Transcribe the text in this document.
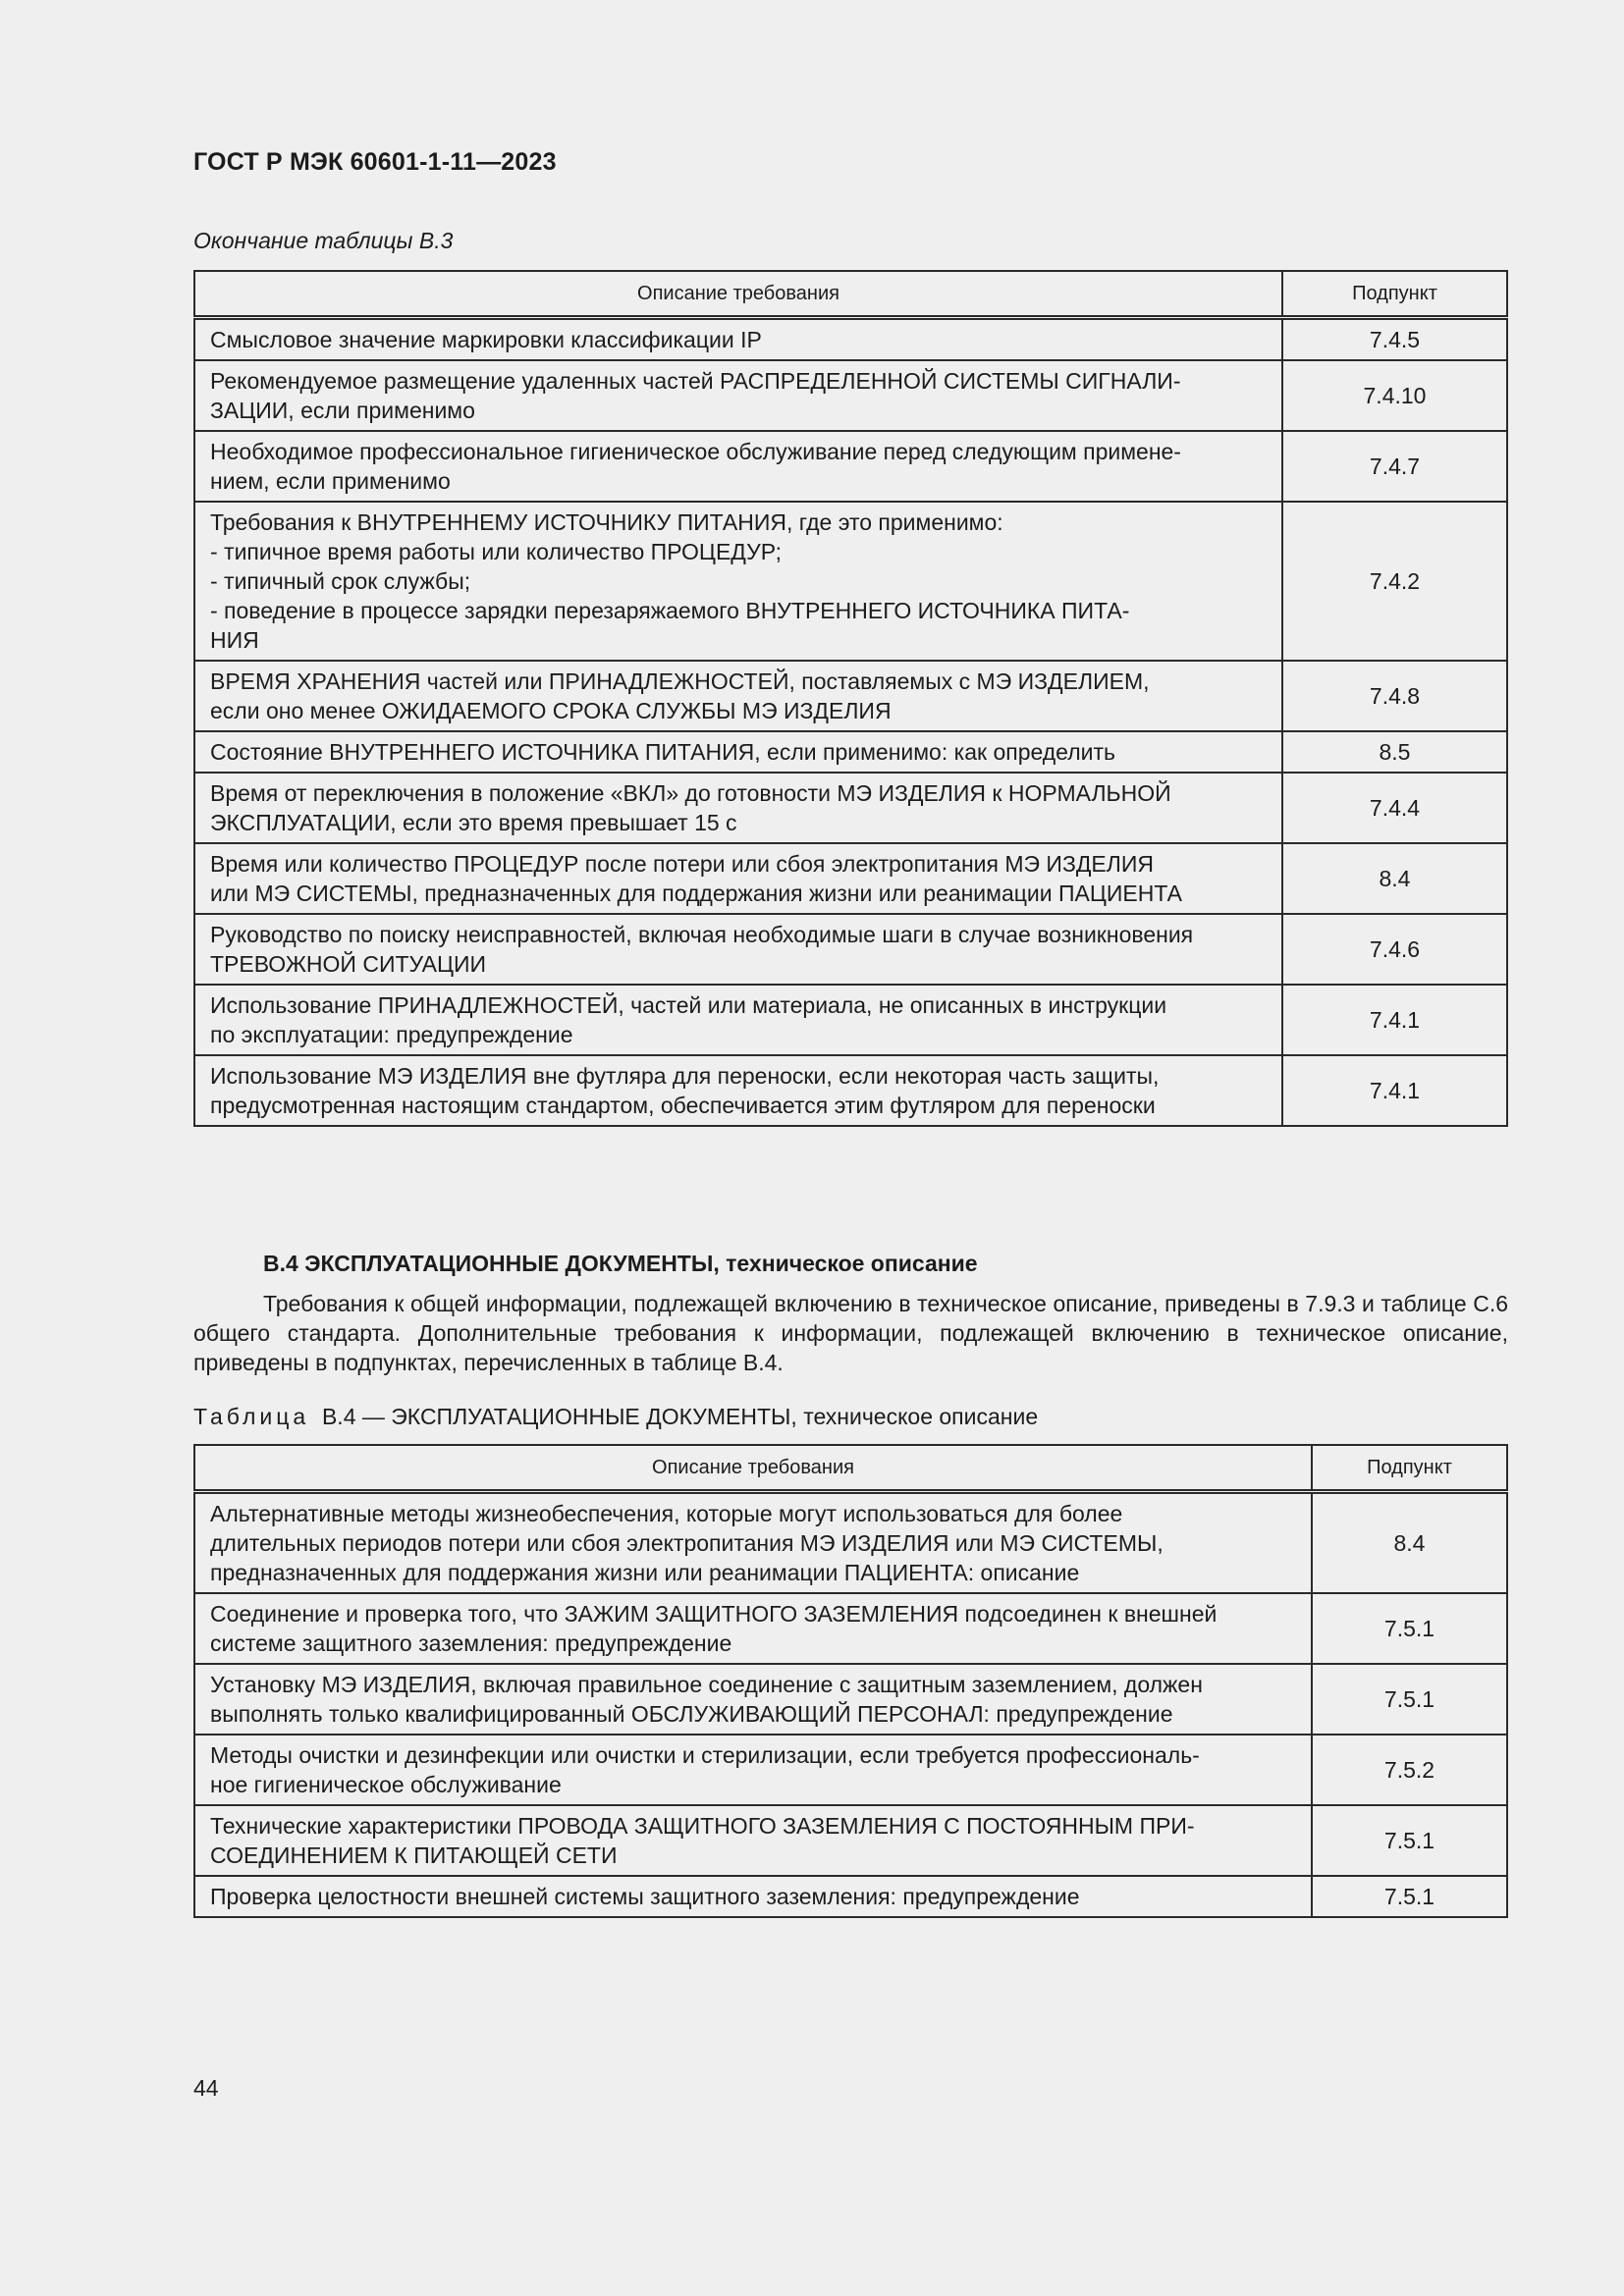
ГОСТ Р МЭК 60601-1-11—2023
Окончание таблицы В.3
Описание требования	Подпункт

Смысловое значение маркировки классификации IP	7.4.5

Рекомендуемое размещение удаленных частей РАСПРЕДЕЛЕННОЙ СИСТЕМЫ СИГНАЛИ-
ЗАЦИИ, если применимо	7.4.10

Необходимое профессиональное гигиеническое обслуживание перед следующим примене-
нием, если применимо	7.4.7

Требования к ВНУТРЕННЕМУ ИСТОЧНИКУ ПИТАНИЯ, где это применимо:
- типичное время работы или количество ПРОЦЕДУР;
- типичный срок службы;
- поведение в процессе зарядки перезаряжаемого ВНУТРЕННЕГО ИСТОЧНИКА ПИТА-
НИЯ	7.4.2

ВРЕМЯ ХРАНЕНИЯ частей или ПРИНАДЛЕЖНОСТЕЙ, поставляемых с МЭ ИЗДЕЛИЕМ,
если оно менее ОЖИДАЕМОГО СРОКА СЛУЖБЫ МЭ ИЗДЕЛИЯ	7.4.8

Состояние ВНУТРЕННЕГО ИСТОЧНИКА ПИТАНИЯ, если применимо: как определить	8.5

Время от переключения в положение «ВКЛ» до готовности МЭ ИЗДЕЛИЯ к НОРМАЛЬНОЙ
ЭКСПЛУАТАЦИИ, если это время превышает 15 с	7.4.4

Время или количество ПРОЦЕДУР после потери или сбоя электропитания МЭ ИЗДЕЛИЯ
или МЭ СИСТЕМЫ, предназначенных для поддержания жизни или реанимации ПАЦИЕНТА	8.4

Руководство по поиску неисправностей, включая необходимые шаги в случае возникновения
ТРЕВОЖНОЙ СИТУАЦИИ	7.4.6

Использование ПРИНАДЛЕЖНОСТЕЙ, частей или материала, не описанных в инструкции
по эксплуатации: предупреждение	7.4.1

Использование МЭ ИЗДЕЛИЯ вне футляра для переноски, если некоторая часть защиты,
предусмотренная настоящим стандартом, обеспечивается этим футляром для переноски	7.4.1
B.4 ЭКСПЛУАТАЦИОННЫЕ ДОКУМЕНТЫ, техническое описание
Требования к общей информации, подлежащей включению в техническое описание, приведены в 7.9.3 и таблице С.6 общего стандарта. Дополнительные требования к информации, подлежащей включению в техническое описание, приведены в подпунктах, перечисленных в таблице B.4.
Таблица B.4 — ЭКСПЛУАТАЦИОННЫЕ ДОКУМЕНТЫ, техническое описание
Описание требования	Подпункт

Альтернативные методы жизнеобеспечения, которые могут использоваться для более
длительных периодов потери или сбоя электропитания МЭ ИЗДЕЛИЯ или МЭ СИСТЕМЫ,
предназначенных для поддержания жизни или реанимации ПАЦИЕНТА: описание	8.4

Соединение и проверка того, что ЗАЖИМ ЗАЩИТНОГО ЗАЗЕМЛЕНИЯ подсоединен к внешней
системе защитного заземления: предупреждение	7.5.1

Установку МЭ ИЗДЕЛИЯ, включая правильное соединение с защитным заземлением, должен
выполнять только квалифицированный ОБСЛУЖИВАЮЩИЙ ПЕРСОНАЛ: предупреждение	7.5.1

Методы очистки и дезинфекции или очистки и стерилизации, если требуется профессиональ-
ное гигиеническое обслуживание	7.5.2

Технические характеристики ПРОВОДА ЗАЩИТНОГО ЗАЗЕМЛЕНИЯ С ПОСТОЯННЫМ ПРИ-
СОЕДИНЕНИЕМ К ПИТАЮЩЕЙ СЕТИ	7.5.1

Проверка целостности внешней системы защитного заземления: предупреждение	7.5.1
44
